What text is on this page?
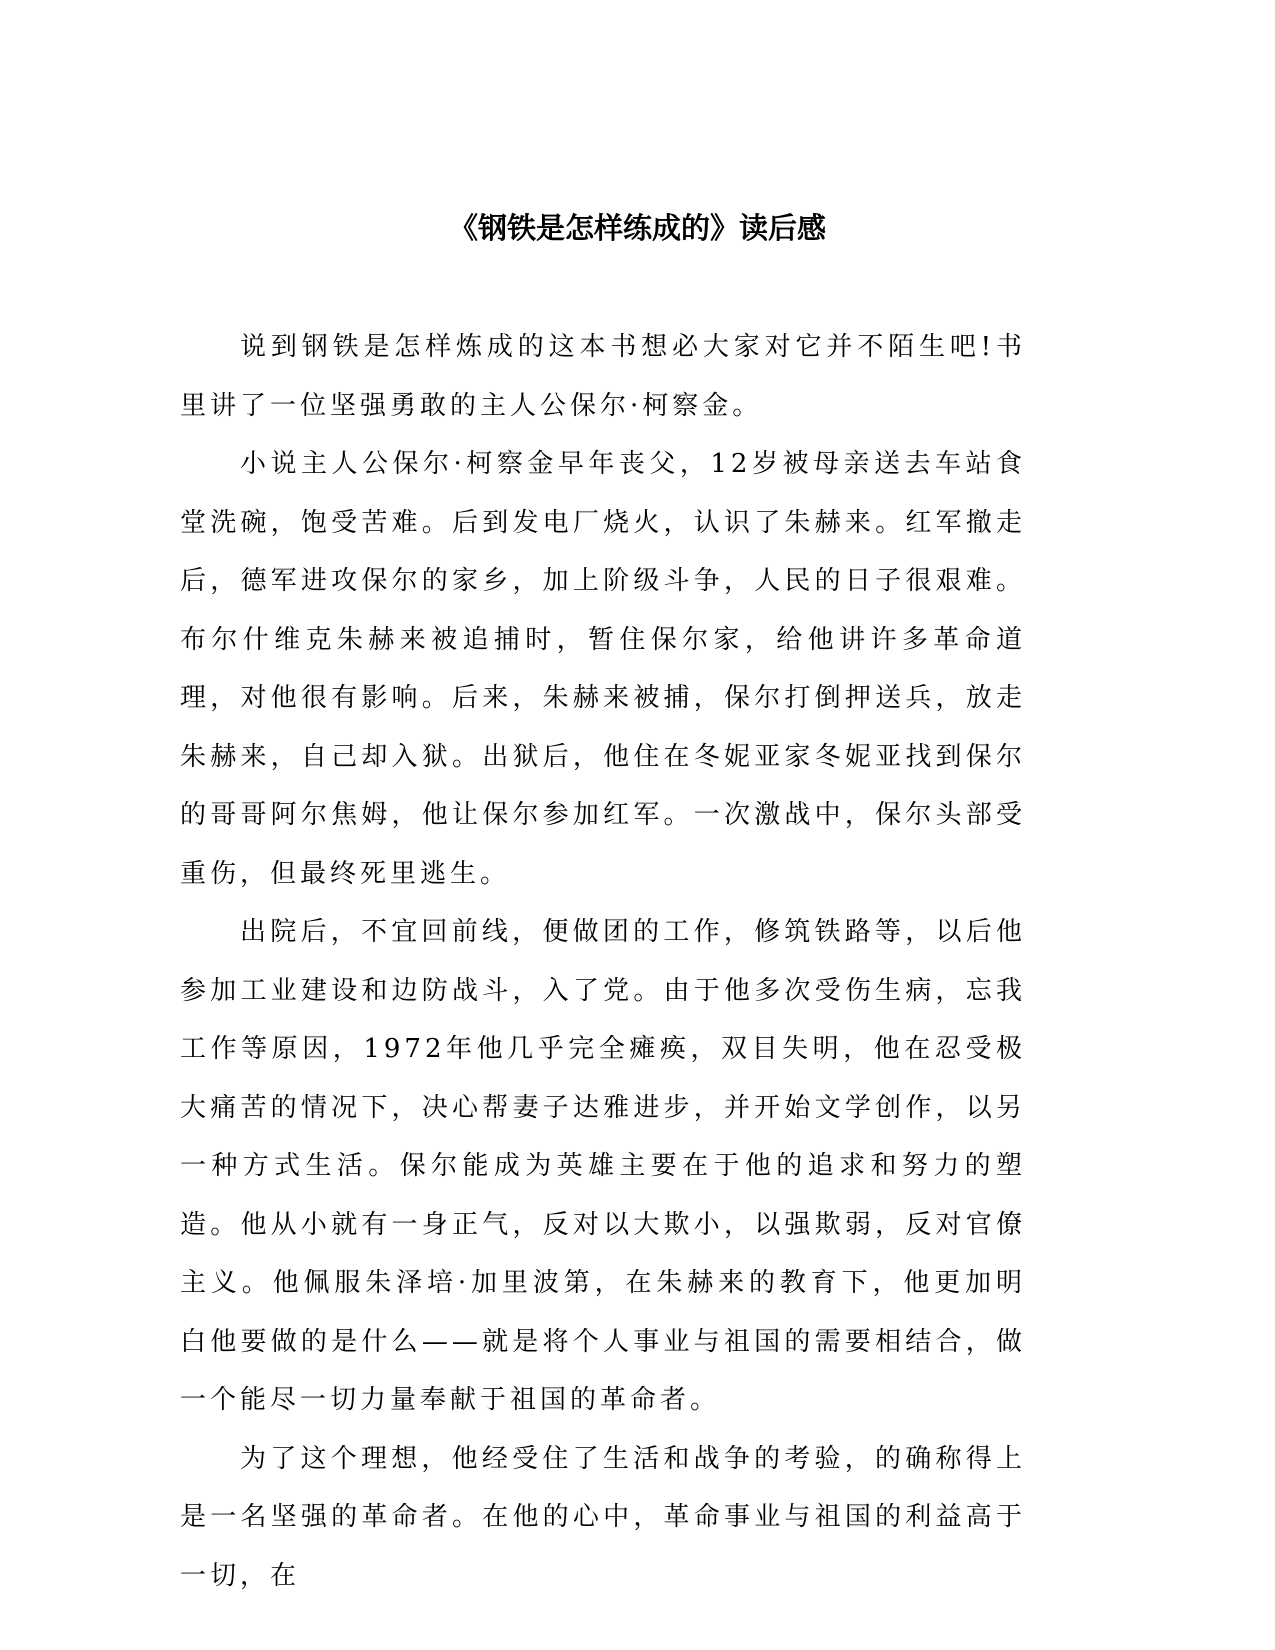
《钢铁是怎样练成的》读后感

说到钢铁是怎样炼成的这本书想必大家对它并不陌生吧!书里讲了一位坚强勇敢的主人公保尔·柯察金。

小说主人公保尔·柯察金早年丧父，12岁被母亲送去车站食堂洗碗，饱受苦难。后到发电厂烧火，认识了朱赫来。红军撤走后，德军进攻保尔的家乡，加上阶级斗争，人民的日子很艰难。布尔什维克朱赫来被追捕时，暂住保尔家，给他讲许多革命道理，对他很有影响。后来，朱赫来被捕，保尔打倒押送兵，放走朱赫来，自己却入狱。出狱后，他住在冬妮亚家冬妮亚找到保尔的哥哥阿尔焦姆，他让保尔参加红军。一次激战中，保尔头部受重伤，但最终死里逃生。

出院后，不宜回前线，便做团的工作，修筑铁路等，以后他参加工业建设和边防战斗，入了党。由于他多次受伤生病，忘我工作等原因，1972年他几乎完全瘫痪，双目失明，他在忍受极大痛苦的情况下，决心帮妻子达雅进步，并开始文学创作，以另一种方式生活。保尔能成为英雄主要在于他的追求和努力的塑造。他从小就有一身正气，反对以大欺小，以强欺弱，反对官僚主义。他佩服朱泽培·加里波第，在朱赫来的教育下，他更加明白他要做的是什么——就是将个人事业与祖国的需要相结合，做一个能尽一切力量奉献于祖国的革命者。

为了这个理想，他经受住了生活和战争的考验，的确称得上是一名坚强的革命者。在他的心中，革命事业与祖国的利益高于一切，在
